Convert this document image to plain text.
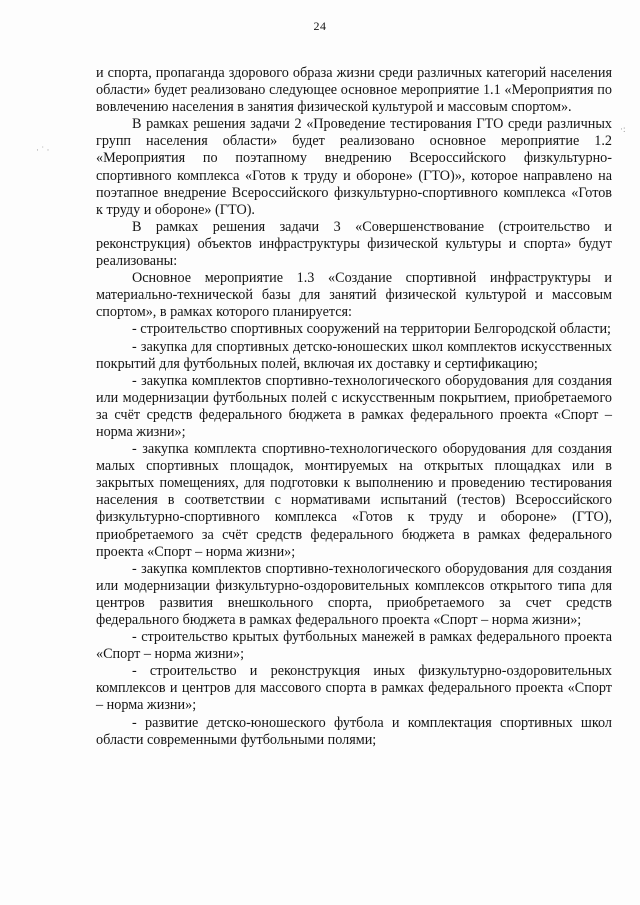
24
· ˙ ·
·:

и спорта, пропаганда здорового образа жизни среди различных категорий населения области» будет реализовано следующее основное мероприятие 1.1 «Мероприятия по вовлечению населения в занятия физической культурой и массовым спортом».

В рамках решения задачи 2 «Проведение тестирования ГТО среди различных групп населения области» будет реализовано основное мероприятие 1.2 «Мероприятия по поэтапному внедрению Всероссийского физкультурно-спортивного комплекса «Готов к труду и обороне» (ГТО)», которое направлено на поэтапное внедрение Всероссийского физкультурно-спортивного комплекса «Готов к труду и обороне» (ГТО).

В рамках решения задачи 3 «Совершенствование (строительство и реконструкция) объектов инфраструктуры физической культуры и спорта» будут реализованы:

Основное мероприятие 1.3 «Создание спортивной инфраструктуры и материально-технической базы для занятий физической культурой и массовым спортом», в рамках которого планируется:

- строительство спортивных сооружений на территории Белгородской области;

- закупка для спортивных детско-юношеских школ комплектов искусственных покрытий для футбольных полей, включая их доставку и сертификацию;

- закупка комплектов спортивно-технологического оборудования для создания или модернизации футбольных полей с искусственным покрытием, приобретаемого за счёт средств федерального бюджета в рамках федерального проекта «Спорт – норма жизни»;

- закупка комплекта спортивно-технологического оборудования для создания малых спортивных площадок, монтируемых на открытых площадках или в закрытых помещениях, для подготовки к выполнению и проведению тестирования населения в соответствии с нормативами испытаний (тестов) Всероссийского физкультурно-спортивного комплекса «Готов к труду и обороне» (ГТО), приобретаемого за счёт средств федерального бюджета в рамках федерального проекта «Спорт – норма жизни»;

- закупка комплектов спортивно-технологического оборудования для создания или модернизации физкультурно-оздоровительных комплексов открытого типа для центров развития внешкольного спорта, приобретаемого за счет средств федерального бюджета в рамках федерального проекта «Спорт – норма жизни»;

- строительство крытых футбольных манежей в рамках федерального проекта «Спорт – норма жизни»;

- строительство и реконструкция иных физкультурно-оздоровительных комплексов и центров для массового спорта в рамках федерального проекта «Спорт – норма жизни»;

- развитие детско-юношеского футбола и комплектация спортивных школ области современными футбольными полями;
